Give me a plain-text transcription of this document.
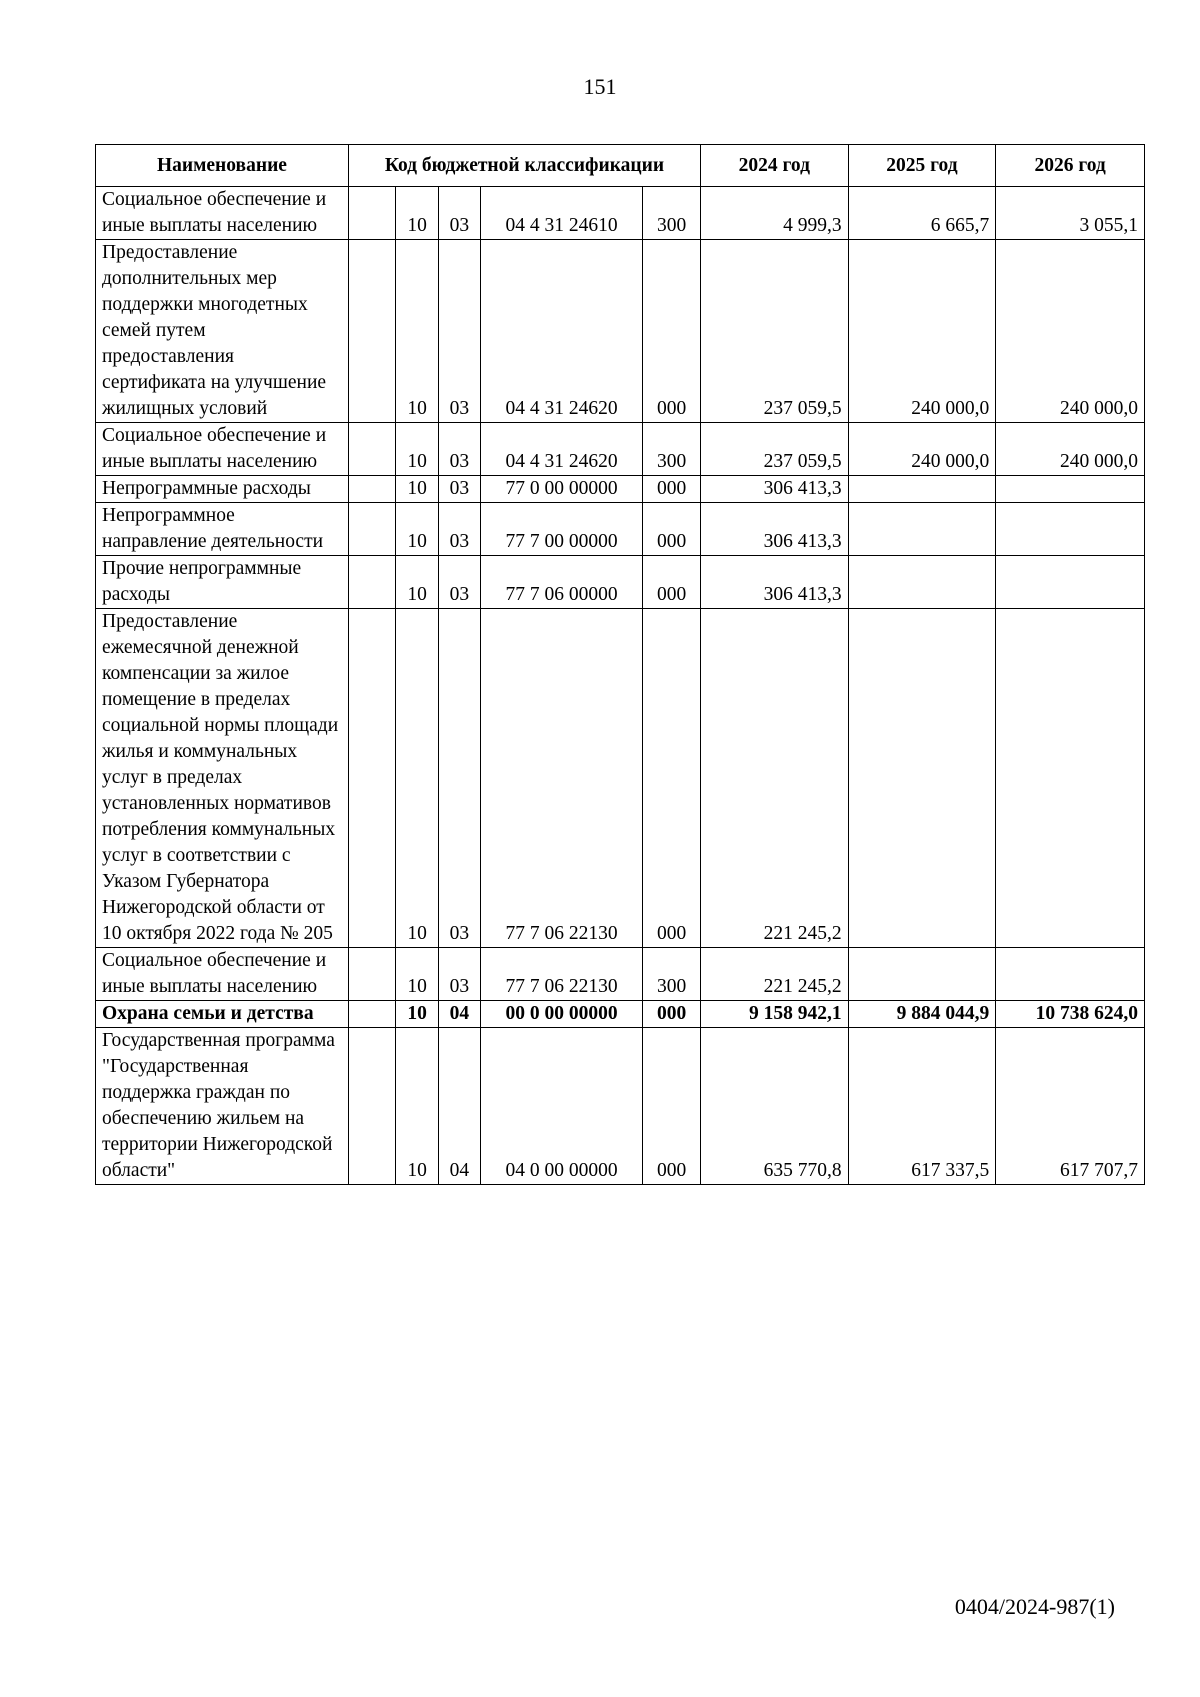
151
Наименование	Код бюджетной классификации					2024 год	2025 год	2026 год
Социальное обеспечение и иные выплаты населению		10	03	04 4 31 24610	300	4 999,3	6 665,7	3 055,1
Предоставление дополнительных мер поддержки многодетных семей путем предоставления сертификата на улучшение жилищных условий		10	03	04 4 31 24620	000	237 059,5	240 000,0	240 000,0
Социальное обеспечение и иные выплаты населению		10	03	04 4 31 24620	300	237 059,5	240 000,0	240 000,0
Непрограммные расходы		10	03	77 0 00 00000	000	306 413,3		
Непрограммное направление деятельности		10	03	77 7 00 00000	000	306 413,3		
Прочие непрограммные расходы		10	03	77 7 06 00000	000	306 413,3		
Предоставление ежемесячной денежной компенсации за жилое помещение в пределах социальной нормы площади жилья и коммунальных услуг в пределах установленных нормативов потребления коммунальных услуг в соответствии с Указом Губернатора Нижегородской области от 10 октября 2022 года № 205		10	03	77 7 06 22130	000	221 245,2		
Социальное обеспечение и иные выплаты населению		10	03	77 7 06 22130	300	221 245,2		
Охрана семьи и детства		10	04	00 0 00 00000	000	9 158 942,1	9 884 044,9	10 738 624,0
Государственная программа "Государственная поддержка граждан по обеспечению жильем на территории Нижегородской области"		10	04	04 0 00 00000	000	635 770,8	617 337,5	617 707,7
0404/2024-987(1)
